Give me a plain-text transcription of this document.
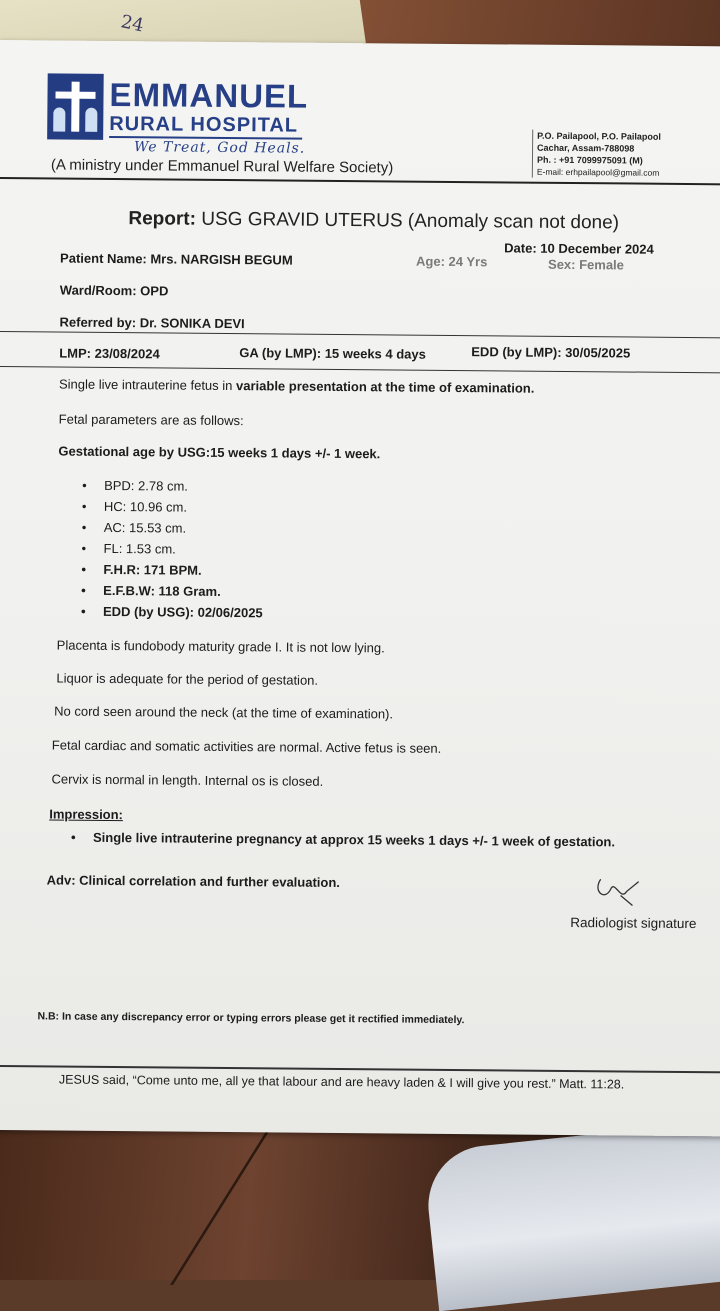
24
EMMANUEL
RURAL HOSPITAL
We Treat, God Heals.
(A ministry under Emmanuel Rural Welfare Society)
P.O. Pailapool, P.O. Pailapool
Cachar, Assam-788098
Ph. : +91 7099975091 (M)
E-mail: erhpailapool@gmail.com
Report: USG GRAVID UTERUS (Anomaly scan not done)
Date: 10 December 2024
Patient Name: Mrs. NARGISH BEGUM	Age: 24 Yrs	Sex: Female
Ward/Room: OPD
Referred by: Dr. SONIKA DEVI
LMP: 23/08/2024	GA (by LMP): 15 weeks 4 days	EDD (by LMP): 30/05/2025
Single live intrauterine fetus in variable presentation at the time of examination.
Fetal parameters are as follows:
Gestational age by USG:15 weeks 1 days +/- 1 week.
• BPD: 2.78 cm.
• HC: 10.96 cm.
• AC: 15.53 cm.
• FL: 1.53 cm.
• F.H.R: 171 BPM.
• E.F.B.W: 118 Gram.
• EDD (by USG): 02/06/2025
Placenta is fundobody maturity grade I. It is not low lying.
Liquor is adequate for the period of gestation.
No cord seen around the neck (at the time of examination).
Fetal cardiac and somatic activities are normal. Active fetus is seen.
Cervix is normal in length. Internal os is closed.
Impression:
• Single live intrauterine pregnancy at approx 15 weeks 1 days +/- 1 week of gestation.
Adv: Clinical correlation and further evaluation.
Radiologist signature
N.B: In case any discrepancy error or typing errors please get it rectified immediately.
JESUS said, “Come unto me, all ye that labour and are heavy laden & I will give you rest.” Matt. 11:28.
